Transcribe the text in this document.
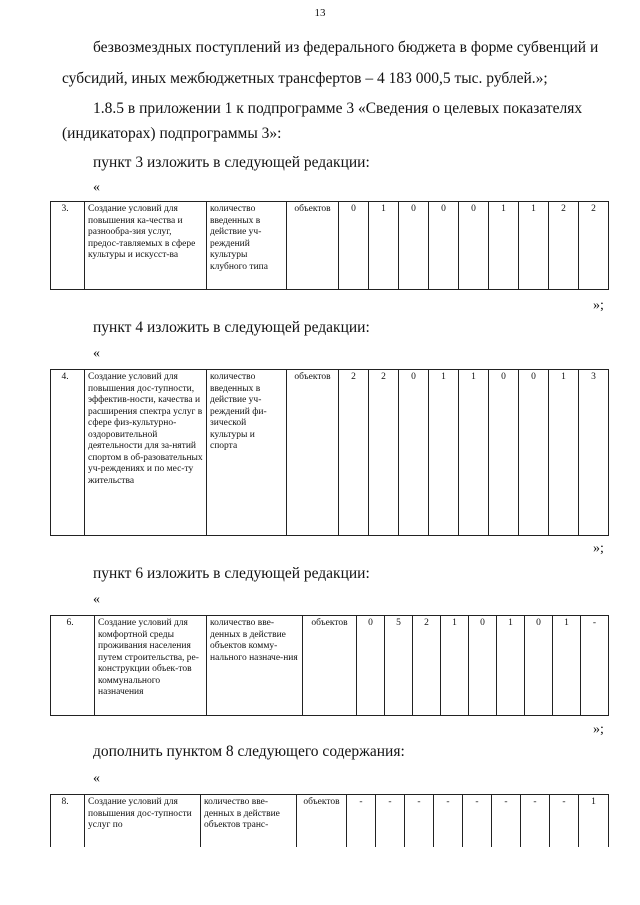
13
безвозмездных поступлений из федерального бюджета в форме субвенций и
субсидий, иных межбюджетных трансфертов – 4 183 000,5 тыс. рублей.»;
1.8.5 в приложении 1 к подпрограмме 3 «Сведения о целевых показателях
(индикаторах) подпрограммы 3»:
пункт 3 изложить в следующей редакции:
«
3.	Создание условий для повышения ка-чества и разнообра-зия услуг, предос-тавляемых в сфере культуры и искусст-ва	количество введенных в действие уч-реждений культуры клубного типа	объектов	0	1	0	0	0	1	1	2	2
»;
пункт 4 изложить в следующей редакции:
«
4.	Создание условий для повышения дос-тупности, эффектив-ности, качества и расширения спектра услуг в сфере физ-культурно-оздоровительной деятельности для за-нятий спортом в об-разовательных уч-реждениях и по мес-ту жительства	количество введенных в действие уч-реждений фи-зической культуры и спорта	объектов	2	2	0	1	1	0	0	1	3
»;
пункт 6 изложить в следующей редакции:
«
6.	Создание условий для комфортной среды проживания населения путем строительства, ре-конструкции объек-тов коммунального назначения	количество вве-денных в действие объектов комму-нального назначе-ния	объектов	0	5	2	1	0	1	0	1	-
»;
дополнить пунктом 8 следующего содержания:
«
8.	Создание условий для повышения дос-тупности услуг по	количество вве-денных в действие объектов транс-	объектов	-	-	-	-	-	-	-	-	1
